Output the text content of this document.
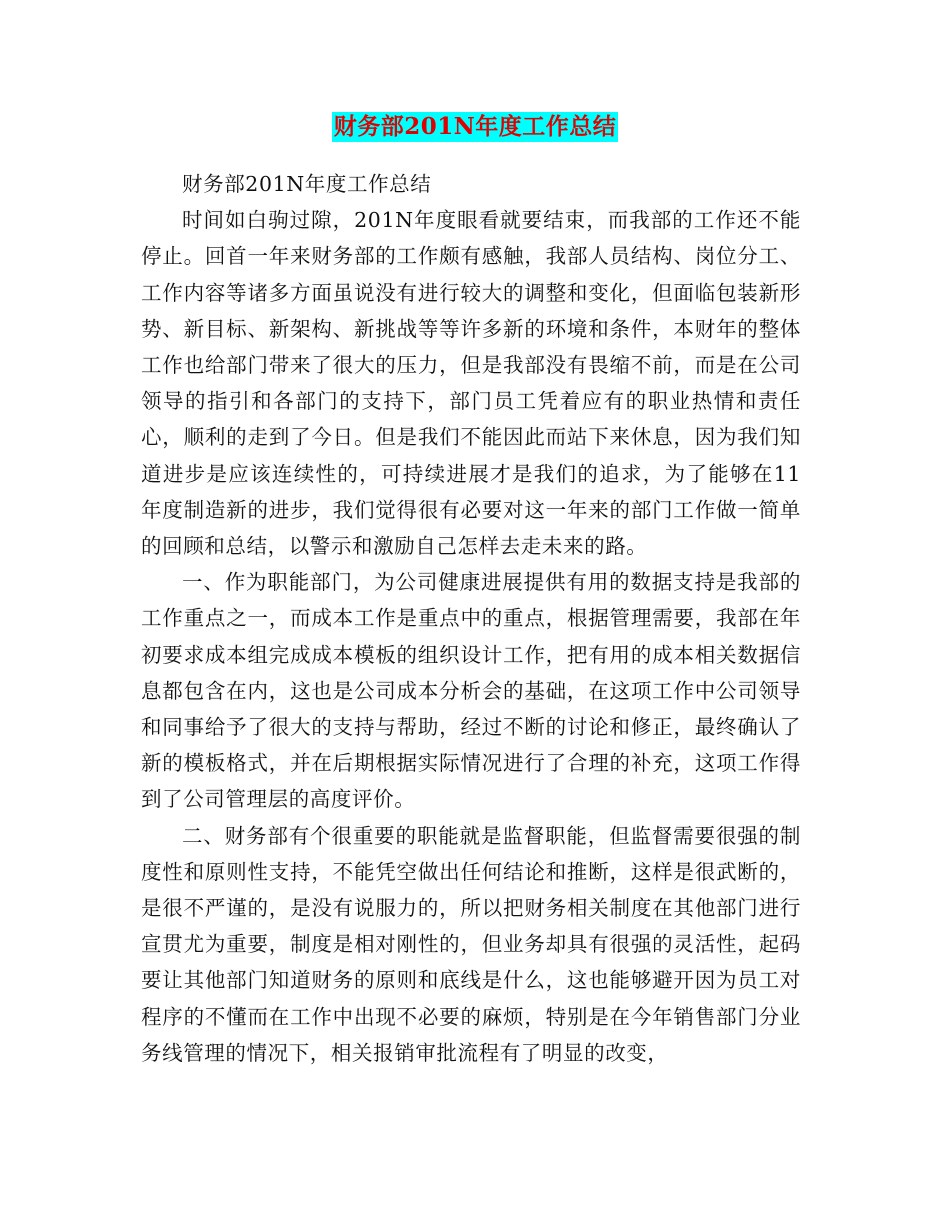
财务部201N年度工作总结

财务部201N年度工作总结

时间如白驹过隙，201N年度眼看就要结束，而我部的工作还不能停止。回首一年来财务部的工作颇有感触，我部人员结构、岗位分工、工作内容等诸多方面虽说没有进行较大的调整和变化，但面临包装新形势、新目标、新架构、新挑战等等许多新的环境和条件，本财年的整体工作也给部门带来了很大的压力，但是我部没有畏缩不前，而是在公司领导的指引和各部门的支持下，部门员工凭着应有的职业热情和责任心，顺利的走到了今日。但是我们不能因此而站下来休息，因为我们知道进步是应该连续性的，可持续进展才是我们的追求，为了能够在11年度制造新的进步，我们觉得很有必要对这一年来的部门工作做一简单的回顾和总结，以警示和激励自己怎样去走未来的路。

一、作为职能部门，为公司健康进展提供有用的数据支持是我部的工作重点之一，而成本工作是重点中的重点，根据管理需要，我部在年初要求成本组完成成本模板的组织设计工作，把有用的成本相关数据信息都包含在内，这也是公司成本分析会的基础，在这项工作中公司领导和同事给予了很大的支持与帮助，经过不断的讨论和修正，最终确认了新的模板格式，并在后期根据实际情况进行了合理的补充，这项工作得到了公司管理层的高度评价。

二、财务部有个很重要的职能就是监督职能，但监督需要很强的制度性和原则性支持，不能凭空做出任何结论和推断，这样是很武断的，是很不严谨的，是没有说服力的，所以把财务相关制度在其他部门进行宣贯尤为重要，制度是相对刚性的，但业务却具有很强的灵活性，起码要让其他部门知道财务的原则和底线是什么，这也能够避开因为员工对程序的不懂而在工作中出现不必要的麻烦，特别是在今年销售部门分业务线管理的情况下，相关报销审批流程有了明显的改变，
